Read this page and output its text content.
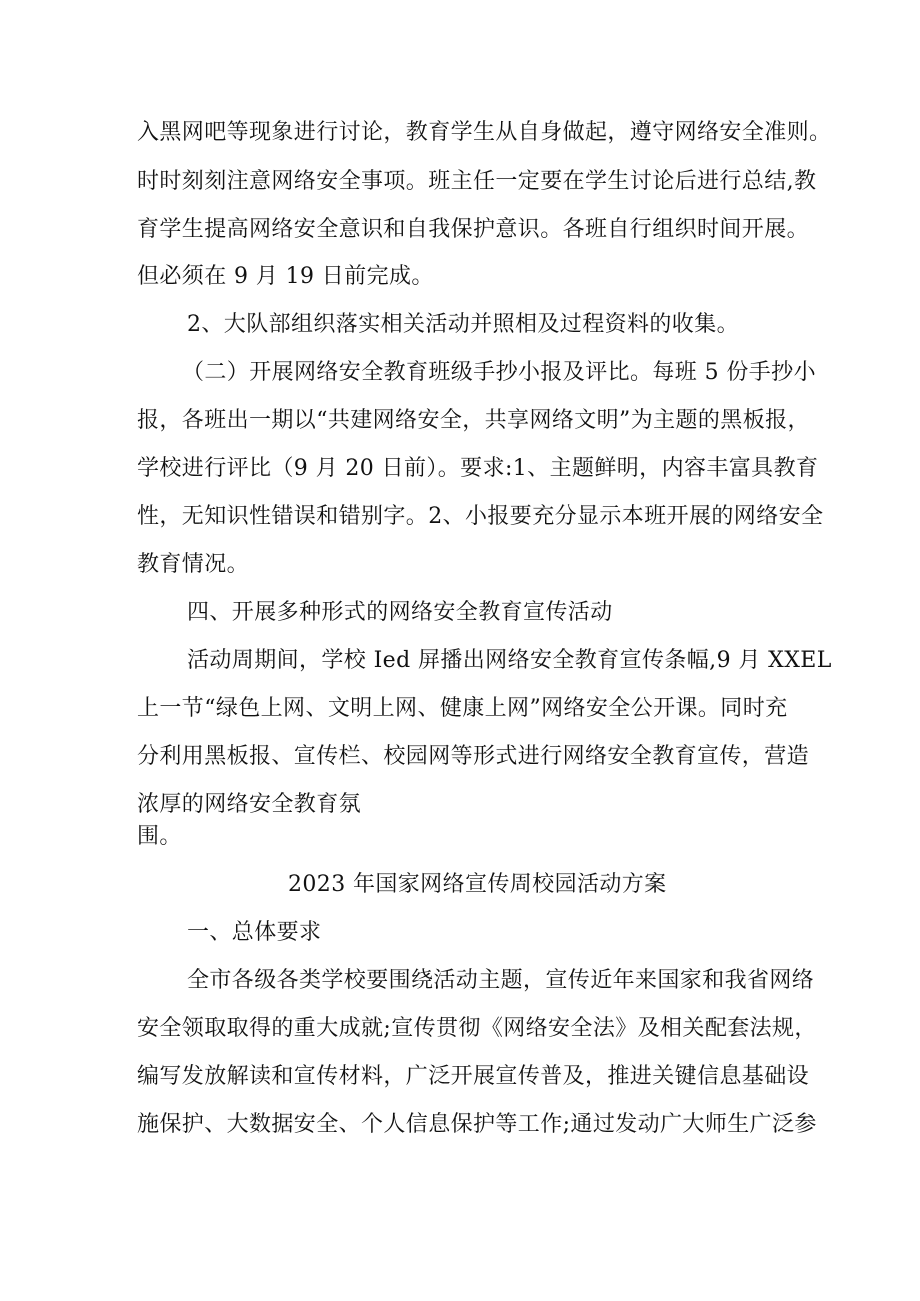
入黑网吧等现象进行讨论，教育学生从自身做起，遵守网络安全准则。
时时刻刻注意网络安全事项。班主任一定要在学生讨论后进行总结,教
育学生提高网络安全意识和自我保护意识。各班自行组织时间开展。
但必须在 9 月 19 日前完成。
2、大队部组织落实相关活动并照相及过程资料的收集。
（二）开展网络安全教育班级手抄小报及评比。每班 5 份手抄小
报，各班出一期以“共建网络安全，共享网络文明”为主题的黑板报，
学校进行评比（9 月 20 日前）。要求:1、主题鲜明，内容丰富具教育
性，无知识性错误和错别字。2、小报要充分显示本班开展的网络安全
教育情况。
四、开展多种形式的网络安全教育宣传活动
活动周期间，学校 Ied 屏播出网络安全教育宣传条幅,9 月 XXEL
上一节“绿色上网、文明上网、健康上网”网络安全公开课。同时充
分利用黑板报、宣传栏、校园网等形式进行网络安全教育宣传，营造
浓厚的网络安全教育氛
围。
2023 年国家网络宣传周校园活动方案
一、总体要求
全市各级各类学校要围绕活动主题，宣传近年来国家和我省网络
安全领取取得的重大成就;宣传贯彻《网络安全法》及相关配套法规，
编写发放解读和宣传材料，广泛开展宣传普及，推进关键信息基础设
施保护、大数据安全、个人信息保护等工作;通过发动广大师生广泛参
